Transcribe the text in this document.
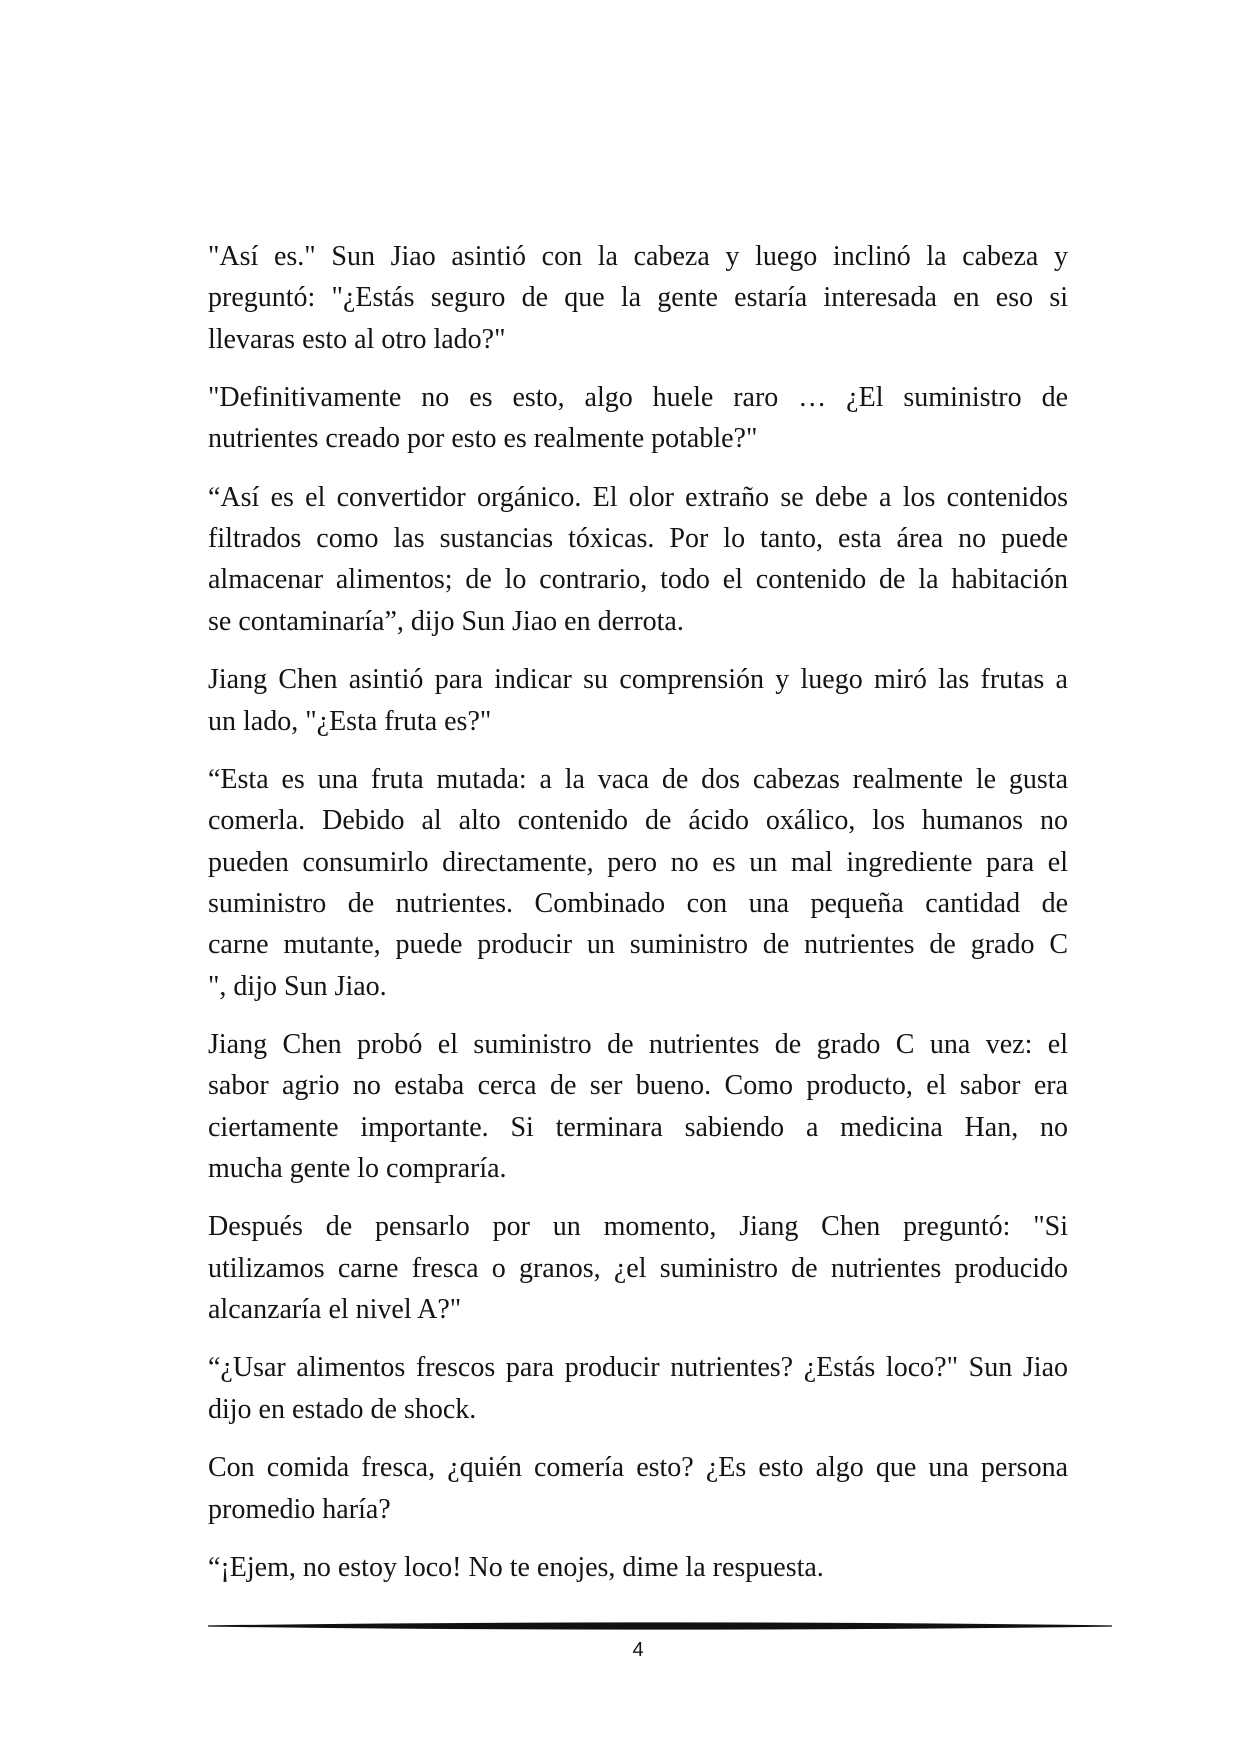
"Así es." Sun Jiao asintió con la cabeza y luego inclinó la cabeza y
preguntó: "¿Estás seguro de que la gente estaría interesada en eso si
llevaras esto al otro lado?"

"Definitivamente no es esto, algo huele raro … ¿El suministro de
nutrientes creado por esto es realmente potable?"

“Así es el convertidor orgánico. El olor extraño se debe a los contenidos
filtrados como las sustancias tóxicas. Por lo tanto, esta área no puede
almacenar alimentos; de lo contrario, todo el contenido de la habitación
se contaminaría”, dijo Sun Jiao en derrota.

Jiang Chen asintió para indicar su comprensión y luego miró las frutas a
un lado, "¿Esta fruta es?"

“Esta es una fruta mutada: a la vaca de dos cabezas realmente le gusta
comerla. Debido al alto contenido de ácido oxálico, los humanos no
pueden consumirlo directamente, pero no es un mal ingrediente para el
suministro de nutrientes. Combinado con una pequeña cantidad de
carne mutante, puede producir un suministro de nutrientes de grado C
", dijo Sun Jiao.

Jiang Chen probó el suministro de nutrientes de grado C una vez: el
sabor agrio no estaba cerca de ser bueno. Como producto, el sabor era
ciertamente importante. Si terminara sabiendo a medicina Han, no
mucha gente lo compraría.

Después de pensarlo por un momento, Jiang Chen preguntó: "Si
utilizamos carne fresca o granos, ¿el suministro de nutrientes producido
alcanzaría el nivel A?"

“¿Usar alimentos frescos para producir nutrientes? ¿Estás loco?" Sun Jiao
dijo en estado de shock.

Con comida fresca, ¿quién comería esto? ¿Es esto algo que una persona
promedio haría?

“¡Ejem, no estoy loco! No te enojes, dime la respuesta.

4
